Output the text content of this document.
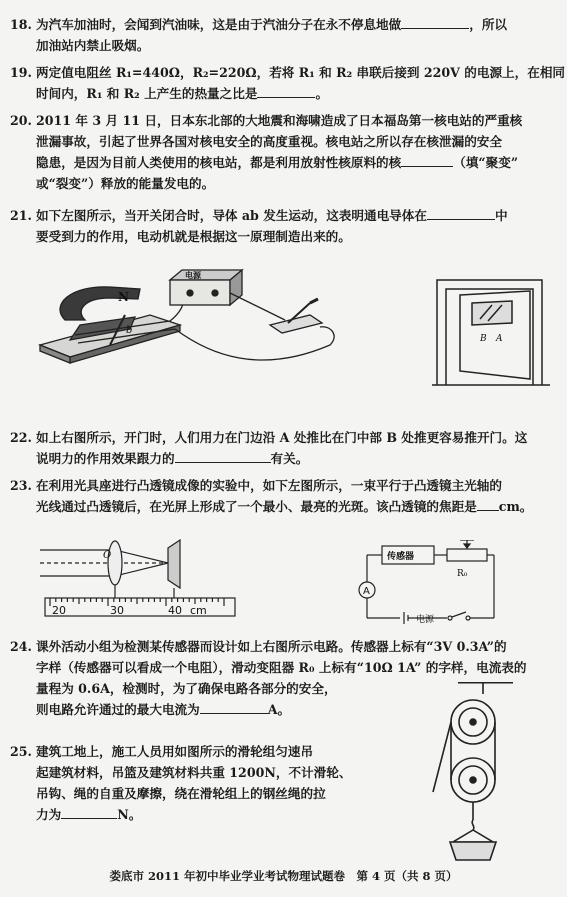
18. 为汽车加油时，会闻到汽油味，这是由于汽油分子在永不停息地做	，所以
加油站内禁止吸烟。
19. 两定值电阻丝 R₁=440Ω，R₂=220Ω，若将 R₁ 和 R₂ 串联后接到 220V 的电源上，在相同
时间内，R₁ 和 R₂ 上产生的热量之比是	。
20. 2011 年 3 月 11 日，日本东北部的大地震和海啸造成了日本福岛第一核电站的严重核
泄漏事故，引起了世界各国对核电安全的高度重视。核电站之所以存在核泄漏的安全
隐患，是因为目前人类使用的核电站，都是利用放射性核原料的核	（填“聚变”
或“裂变”）释放的能量发电的。
21. 如下左图所示，当开关闭合时，导体 ab 发生运动，这表明通电导体在	中
要受到力的作用，电动机就是根据这一原理制造出来的。
N
b
电源
B A
22. 如上右图所示，开门时，人们用力在门边沿 A 处推比在门中部 B 处推更容易推开门。这
说明力的作用效果跟力的	有关。
23. 在利用光具座进行凸透镜成像的实验中，如下左图所示，一束平行于凸透镜主光轴的
光线通过凸透镜后，在光屏上形成了一个最小、最亮的光斑。该凸透镜的焦距是 cm。
O
20	30	40 cm
传感器
R₀
A
电源
24. 课外活动小组为检测某传感器而设计如上右图所示电路。传感器上标有“3V 0.3A”的
字样（传感器可以看成一个电阻），滑动变阻器 R₀ 上标有“10Ω 1A” 的字样，电流表的
量程为 0.6A，检测时，为了确保电路各部分的安全，
则电路允许通过的最大电流为	A。
25. 建筑工地上，施工人员用如图所示的滑轮组匀速吊
起建筑材料，吊篮及建筑材料共重 1200N，不计滑轮、
吊钩、绳的自重及摩擦，绕在滑轮组上的钢丝绳的拉
力为	N。
娄底市 2011 年初中毕业学业考试物理试题卷　第 4 页（共 8 页）
